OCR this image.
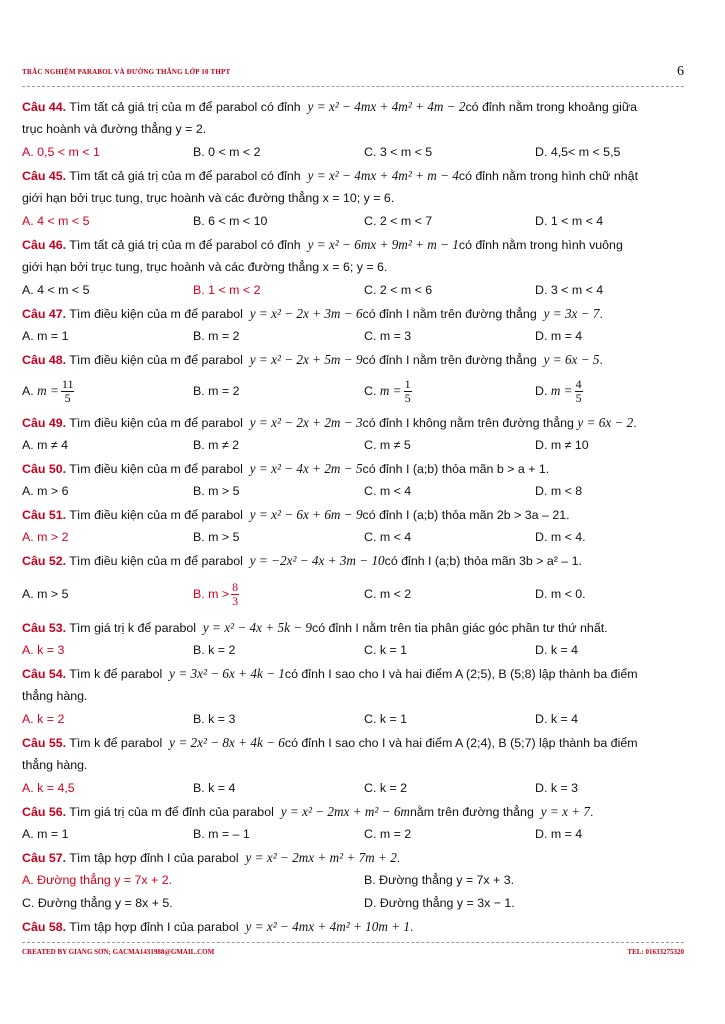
TRẮC NGHIỆM PARABOL VÀ ĐƯỜNG THẲNG LỚP 10 THPT	6
Câu 44. Tìm tất cả giá trị của m để parabol có đỉnh y = x² − 4mx + 4m² + 4m − 2có đỉnh nằm trong khoảng giữa
trục hoành và đường thẳng y = 2.
A. 0,5 < m < 1	B. 0 < m < 2	C. 3 < m < 5	D. 4,5< m < 5,5
Câu 45. Tìm tất cả giá trị của m để parabol có đỉnh y = x² − 4mx + 4m² + m − 4có đỉnh nằm trong hình chữ nhật
giới hạn bởi trục tung, trục hoành và các đường thẳng x = 10; y = 6.
A. 4 < m < 5	B. 6 < m < 10	C. 2 < m < 7	D. 1 < m < 4
Câu 46. Tìm tất cả giá trị của m để parabol có đỉnh y = x² − 6mx + 9m² + m − 1có đỉnh nằm trong hình vuông
giới hạn bởi trục tung, trục hoành và các đường thẳng x = 6; y = 6.
A. 4 < m < 5	B. 1 < m < 2	C. 2 < m < 6	D. 3 < m < 4
Câu 47. Tìm điều kiện của m để parabol y = x² − 2x + 3m − 6có đỉnh I nằm trên đường thẳng y = 3x − 7.
A. m = 1	B. m = 2	C. m = 3	D. m = 4
Câu 48. Tìm điều kiện của m để parabol y = x² − 2x + 5m − 9có đỉnh I nằm trên đường thẳng y = 6x − 5.
A. $m = \frac{11}{5}$	B. m = 2	C. $m = \frac{1}{5}$	D. $m = \frac{4}{5}$
Câu 49. Tìm điều kiện của m để parabol y = x² − 2x + 2m − 3có đỉnh I không nằm trên đường thẳng y = 6x − 2.
A. m ≠ 4	B. m ≠ 2	C. m ≠ 5	D. m ≠ 10
Câu 50. Tìm điều kiện của m để parabol y = x² − 4x + 2m − 5có đỉnh I (a;b) thỏa mãn b > a + 1.
A. m > 6	B. m > 5	C. m < 4	D. m < 8
Câu 51. Tìm điều kiện của m để parabol y = x² − 6x + 6m − 9có đỉnh I (a;b) thỏa mãn 2b > 3a – 21.
A. m > 2	B. m > 5	C. m < 4	D. m < 4.
Câu 52. Tìm điều kiện của m để parabol y = −2x² − 4x + 3m − 10có đỉnh I (a;b) thỏa mãn 3b > a² – 1.
A. m > 5	B. $m > \frac{8}{3}$	C. m < 2	D. m < 0.
Câu 53. Tìm giá trị k để parabol y = x² − 4x + 5k − 9có đỉnh I nằm trên tia phân giác góc phần tư thứ nhất.
A. k = 3	B. k = 2	C. k = 1	D. k = 4
Câu 54. Tìm k để parabol y = 3x² − 6x + 4k − 1có đỉnh I sao cho I và hai điểm A (2;5), B (5;8) lập thành ba điểm
thẳng hàng.
A. k = 2	B. k = 3	C. k = 1	D. k = 4
Câu 55. Tìm k để parabol y = 2x² − 8x + 4k − 6có đỉnh I sao cho I và hai điểm A (2;4), B (5;7) lập thành ba điểm
thẳng hàng.
A. k = 4,5	B. k = 4	C. k = 2	D. k = 3
Câu 56. Tìm giá trị của m để đỉnh của parabol y = x² − 2mx + m² − 6mnằm trên đường thẳng y = x + 7.
A. m = 1	B. m = – 1	C. m = 2	D. m = 4
Câu 57. Tìm tập hợp đỉnh I của parabol y = x² − 2mx + m² + 7m + 2.
A. Đường thẳng y = 7x + 2.	B. Đường thẳng y = 7x + 3.
C. Đường thẳng y = 8x + 5.	D. Đường thẳng y = 3x − 1.
Câu 58. Tìm tập hợp đỉnh I của parabol y = x² − 4mx + 4m² + 10m + 1.
CREATED BY GIANG SƠN; GACMA1431988@GMAIL.COM	TEL: 01633275320
